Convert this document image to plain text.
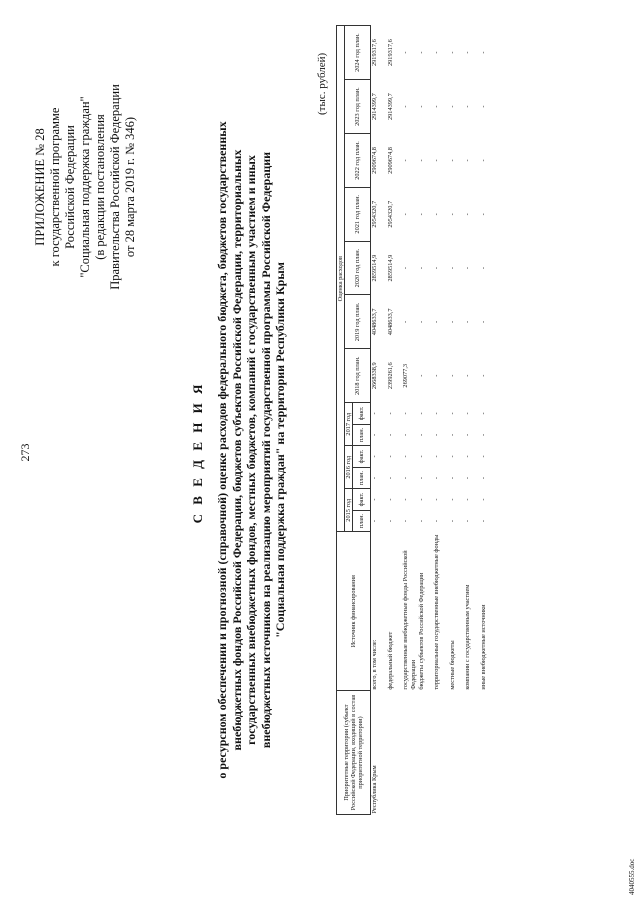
273
ПРИЛОЖЕНИЕ № 28 к государственной программе Российской Федерации "Социальная поддержка граждан" (в редакции постановления Правительства Российской Федерации от 28 марта 2019 г. № 346)
С В Е Д Е Н И Я о ресурсном обеспечении и прогнозной (справочной) оценке расходов федерального бюджета, бюджетов государственных внебюджетных фондов Российской Федерации, бюджетов субъектов Российской Федерации, территориальных государственных внебюджетных фондов, местных бюджетов, компаний с государственным участием и иных внебюджетных источников на реализацию мероприятий государственной программы Российской Федерации "Социальная поддержка граждан" на территории Республики Крым
(тыс. рублей)
Приоритетные территории (субъект Российской Федерации, входящий в состав приоритетной территории)	Источник финансирования	Оценка расходов												
		2015 год		2016 год		2017 год		2018 год план.	2019 год план.	2020 год план.	2021 год план.	2022 год план.	2023 год план.	2024 год план.
		план.	факт.	план.	факт.	план.	факт.							
Республика Крым	всего, в том числе:	-	-	-	-	-	-	2668338,9	4048633,7	2859514,9	2954320,7	2909674,8	2914399,7	2919317,6
	федеральный бюджет	-	-	-	-	-	-	2399261,6	4048633,7	2859514,9	2954320,7	2909674,8	2914399,7	2919317,6
	государственные внебюджетные фонды Российской Федерации	-	-	-	-	-	-	269077,3	-	-	-	-	-	-
	бюджеты субъектов Российской Федерации	-	-	-	-	-	-	-	-	-	-	-	-	-
	территориальные государственные внебюджетные фонды	-	-	-	-	-	-	-	-	-	-	-	-	-
	местные бюджеты	-	-	-	-	-	-	-	-	-	-	-	-	-
	компании с государственным участием	-	-	-	-	-	-	-	-	-	-	-	-	-
	иные внебюджетные источники	-	-	-	-	-	-	-	-	-	-	-	-	-
4040555.doc
